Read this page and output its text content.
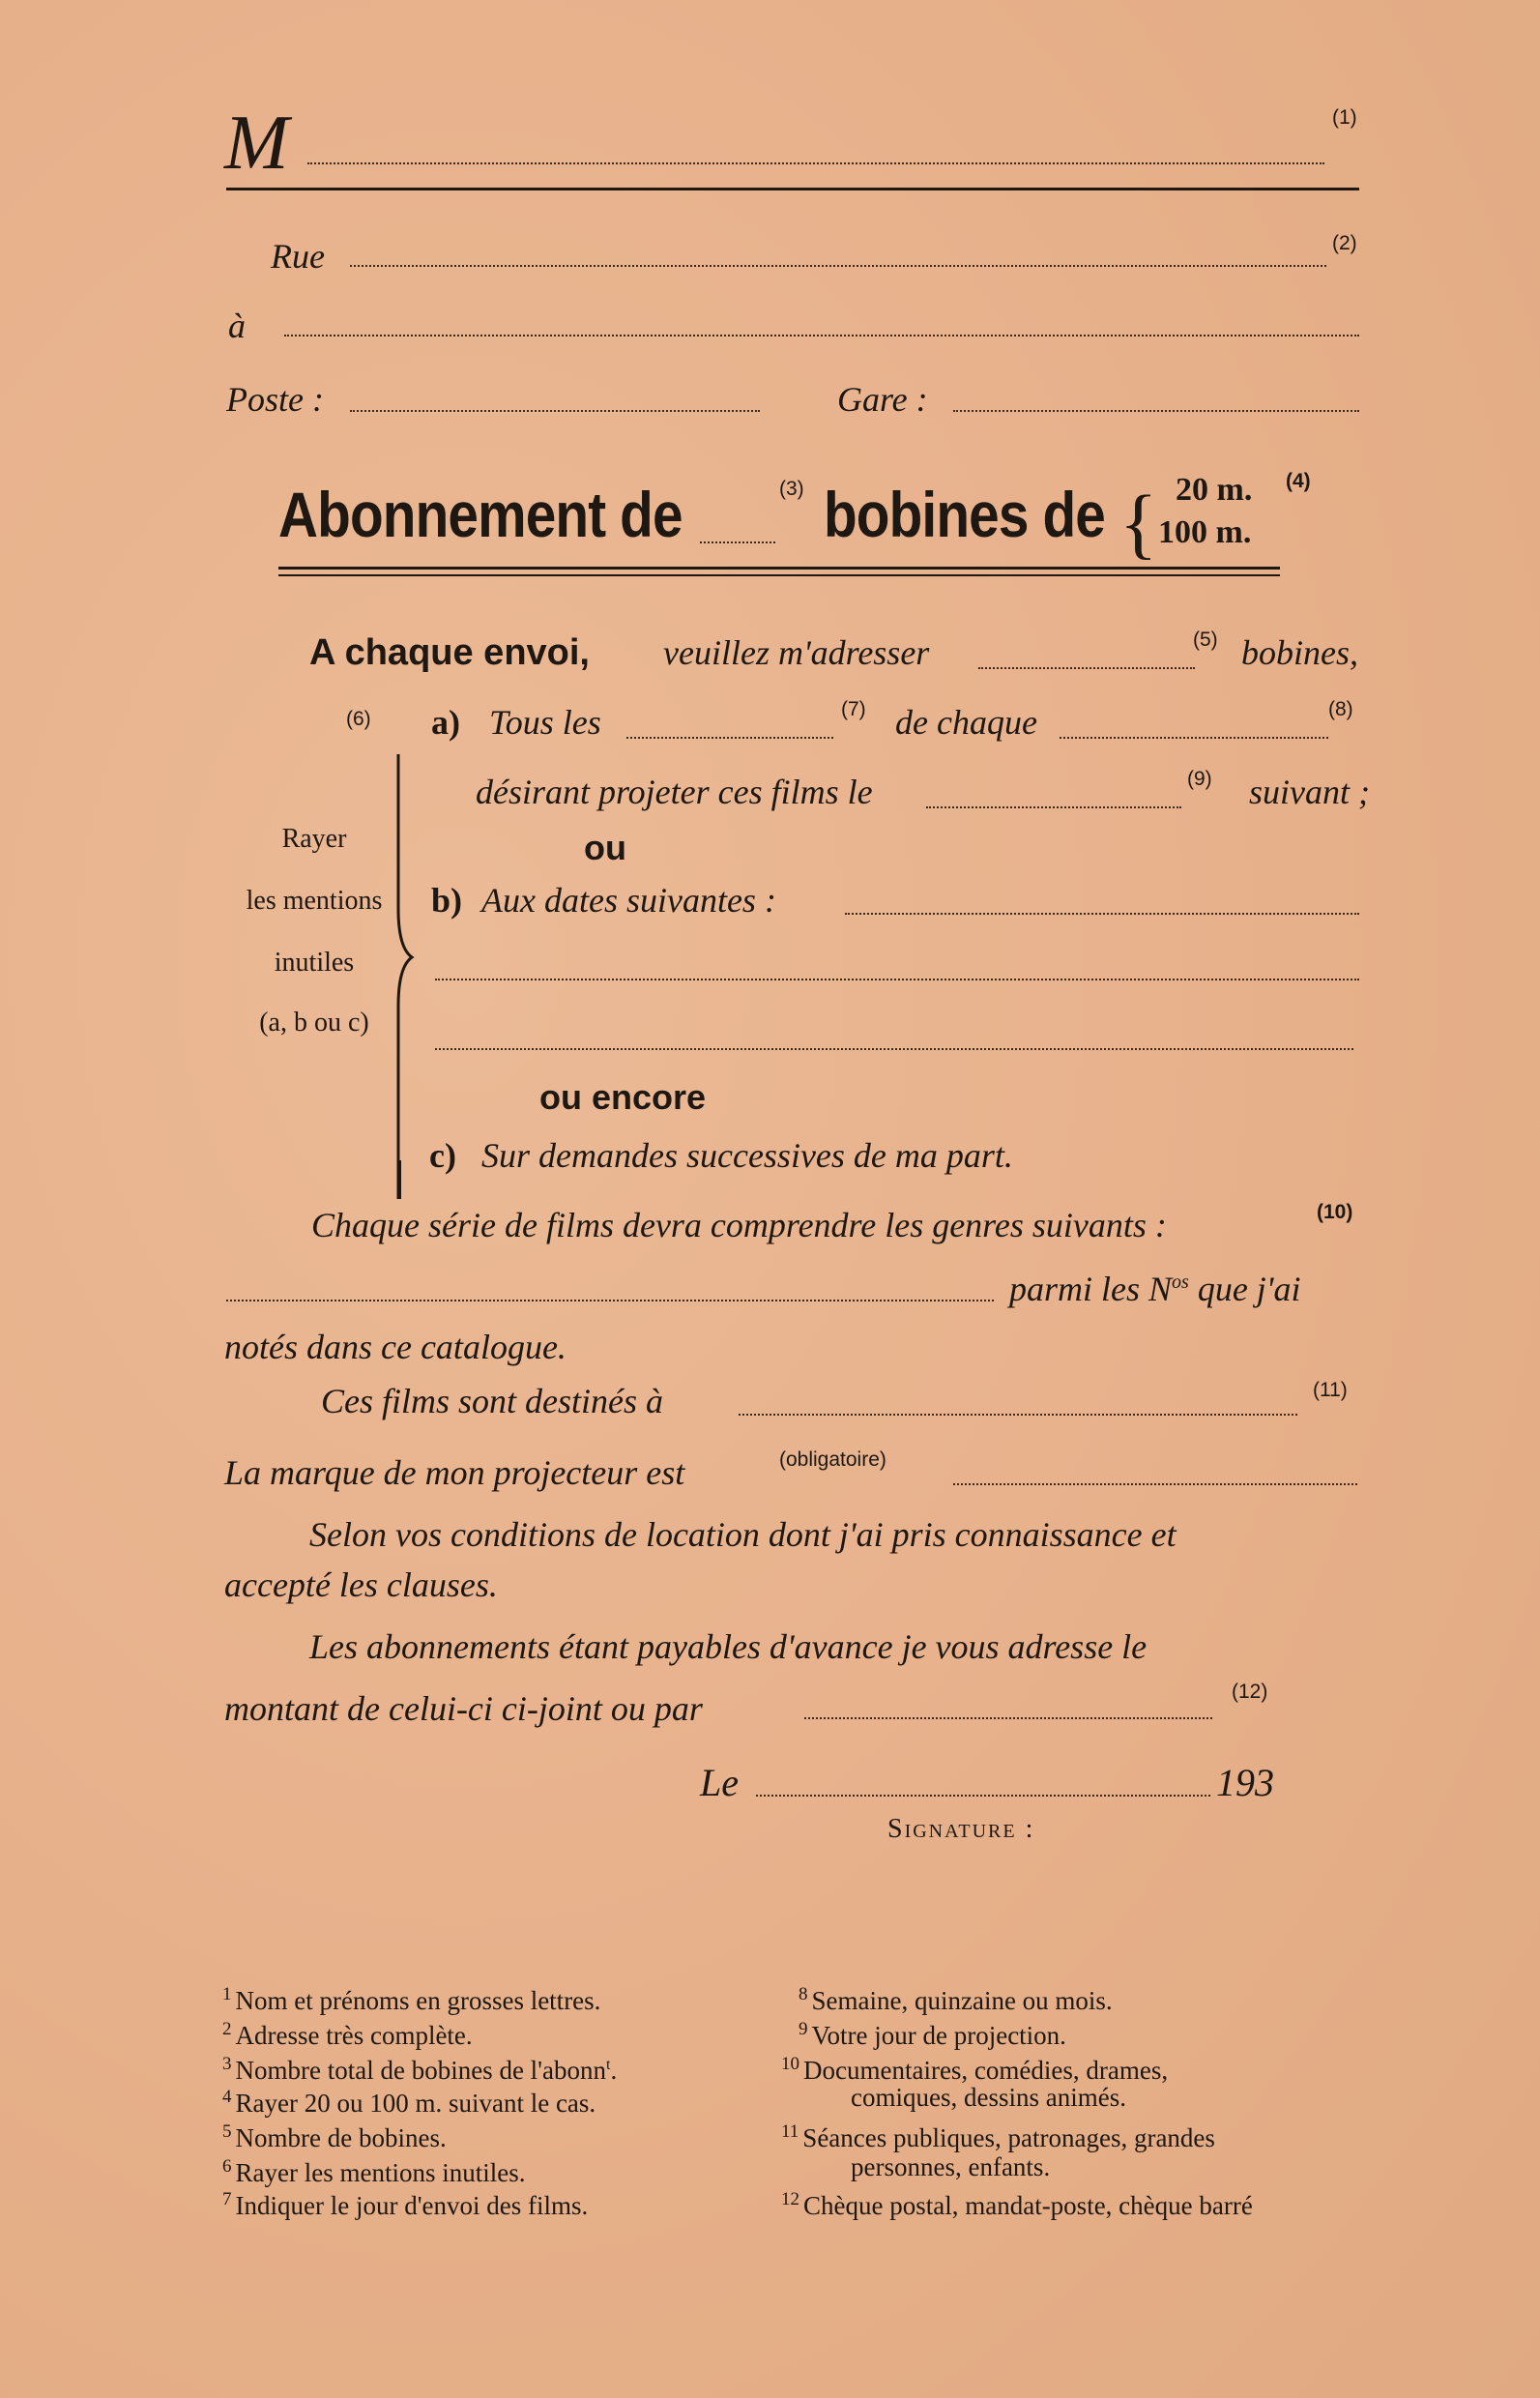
M	(1)
Rue	(2)
à
Poste :	Gare :
Abonnement de	(3) bobines de { 20 m.
100 m.
(4)
A chaque envoi, veuillez m'adresser	(5) bobines,
(6) a) Tous les	(7) de chaque	(8)
désirant projeter ces films le	(9) suivant ;
ou
Rayer
les mentions
inutiles
(a, b ou c)
b) Aux dates suivantes :
ou encore
c) Sur demandes successives de ma part.
Chaque série de films devra comprendre les genres suivants :	(10)
parmi les $N^{os}$ que j'ai
notés dans ce catalogue.
Ces films sont destinés à	(11)
La marque de mon projecteur est	(obligatoire)
Selon vos conditions de location dont j'ai pris connaissance et
accepté les clauses.
Les abonnements étant payables d'avance je vous adresse le
montant de celui-ci ci-joint ou par	(12)
Le	193
Signature :
$^1$ Nom et prénoms en grosses lettres.
$^2$ Adresse très complète.
$^3$ Nombre total de bobines de l'abonn$^t$.
$^4$ Rayer 20 ou 100 m. suivant le cas.
$^5$ Nombre de bobines.
$^6$ Rayer les mentions inutiles.
$^7$ Indiquer le jour d'envoi des films.
$^8$ Semaine, quinzaine ou mois.
$^9$ Votre jour de projection.
$^{10}$ Documentaires, comédies, drames,
comiques, dessins animés.
$^{11}$ Séances publiques, patronages, grandes
personnes, enfants.
$^{12}$ Chèque postal, mandat-poste, chèque barré
